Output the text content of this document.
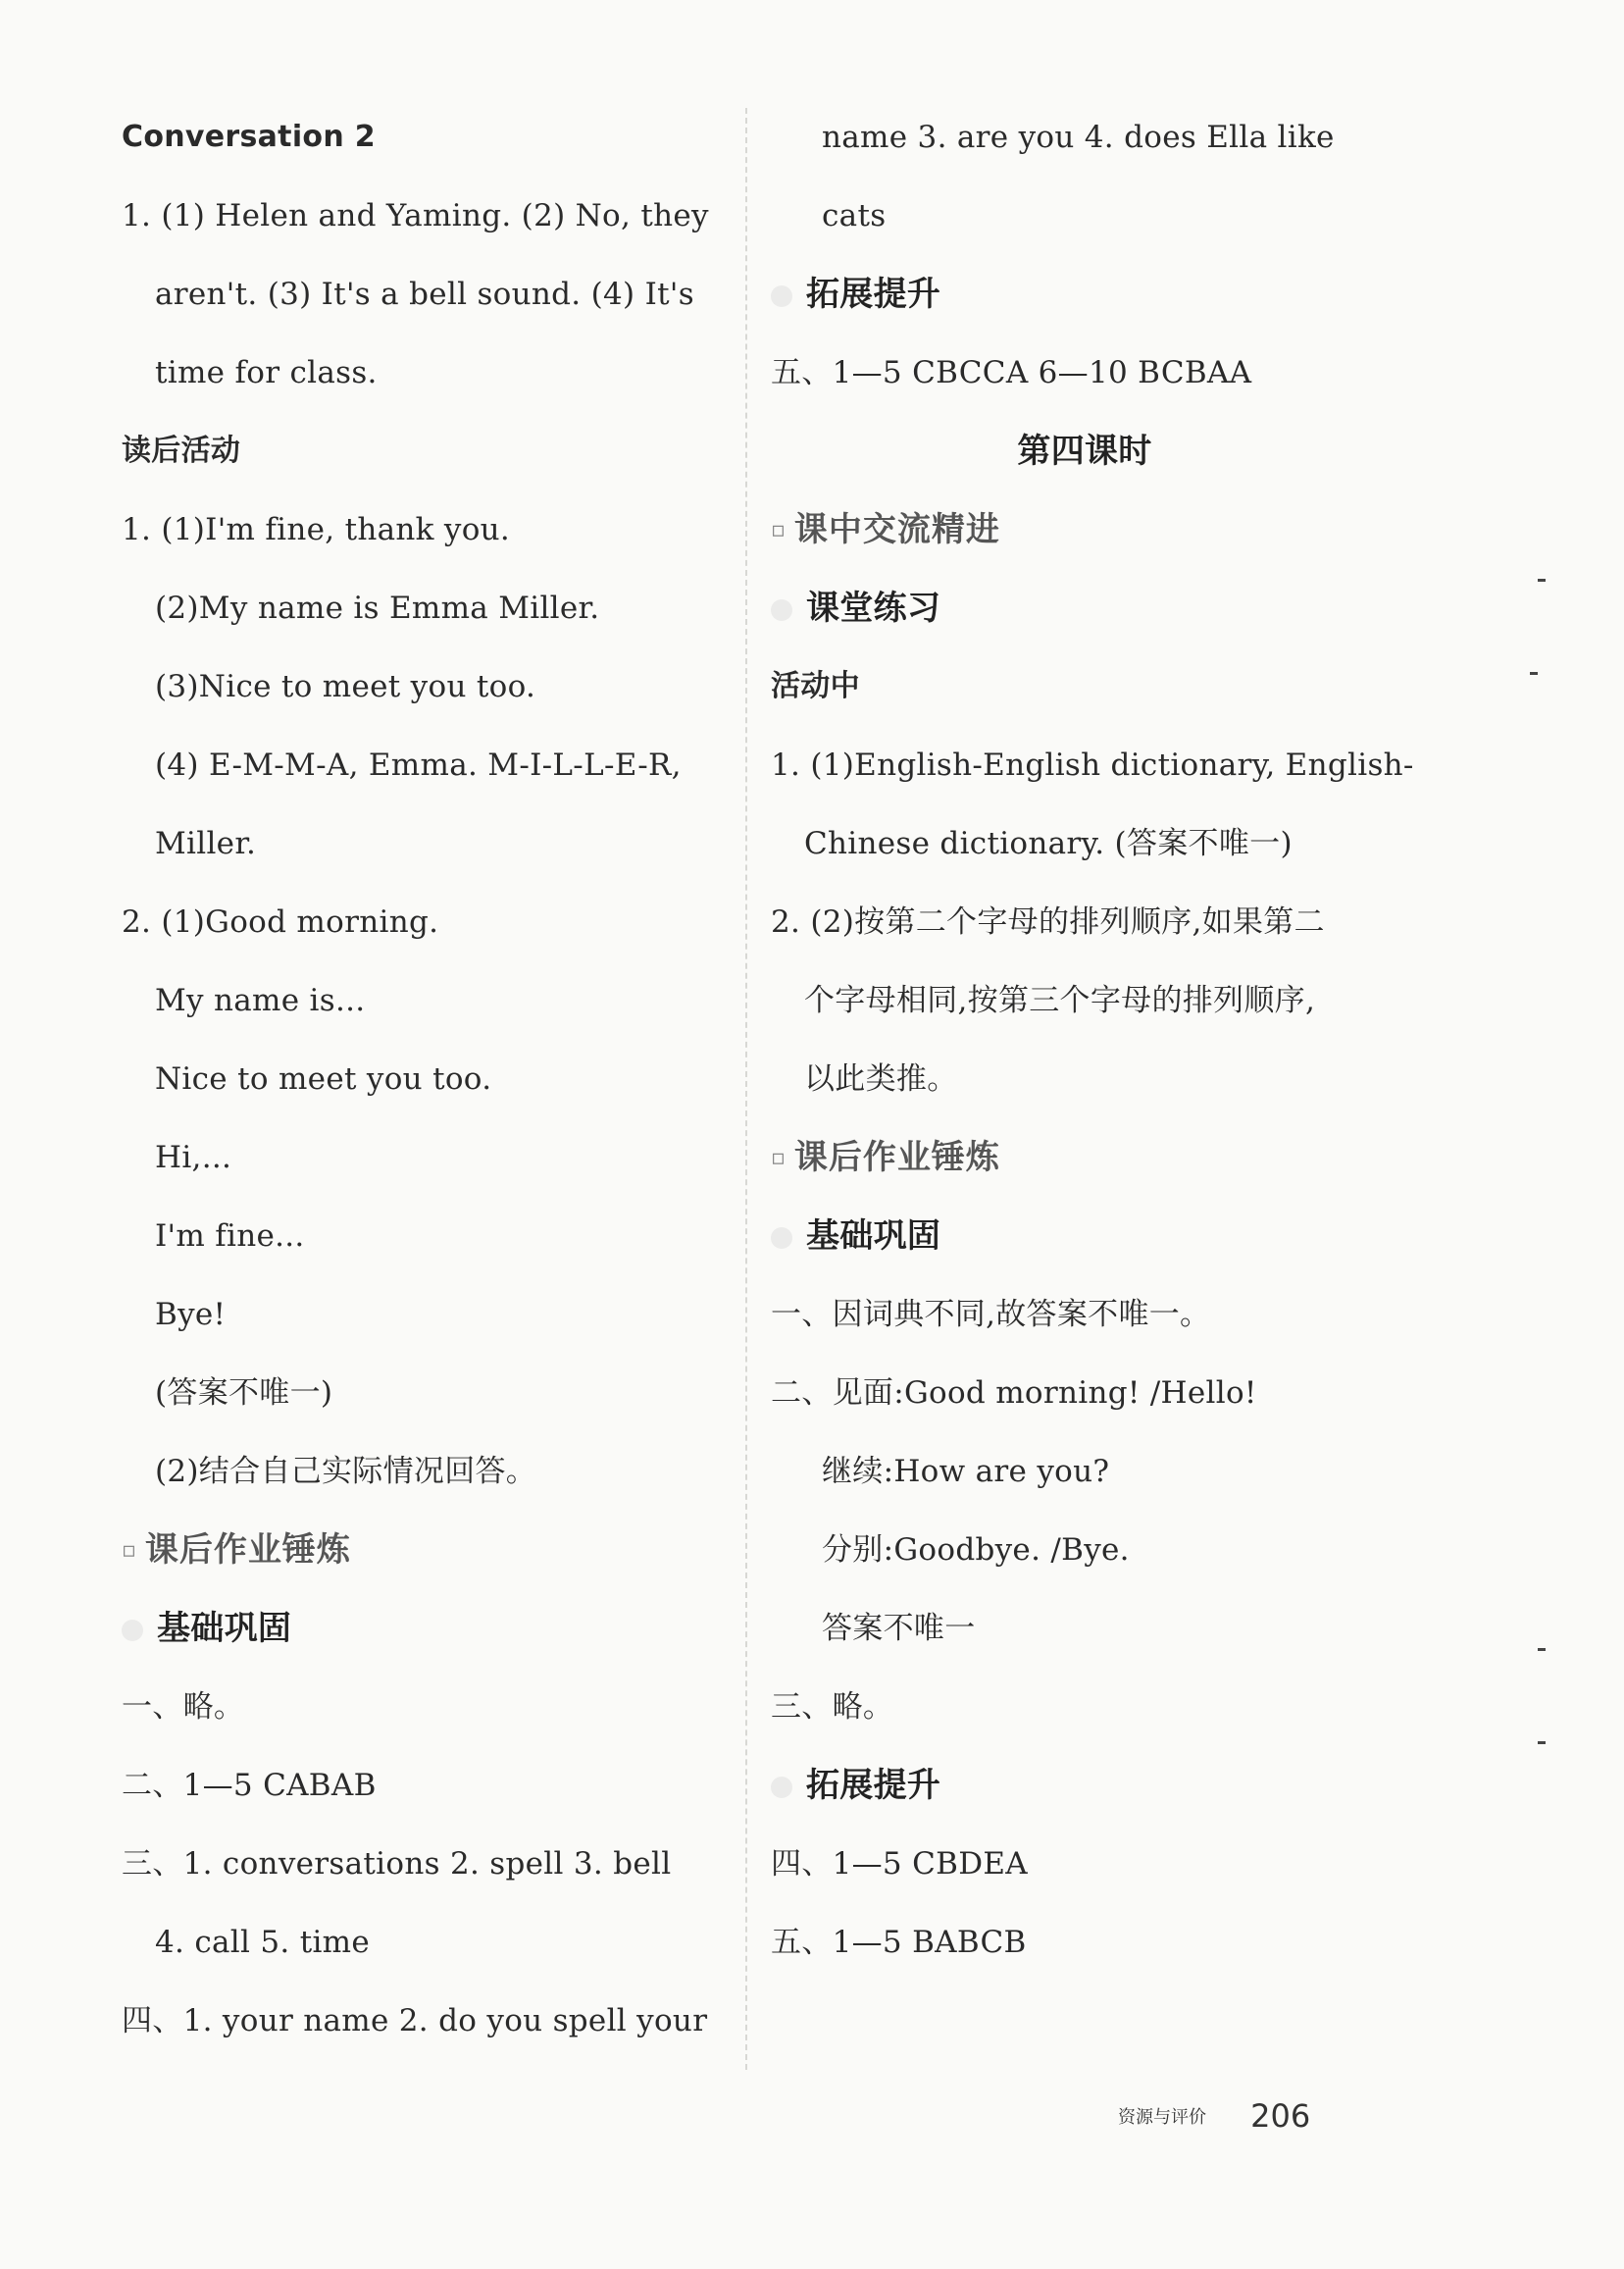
Conversation 2
1. (1) Helen and Yaming. (2) No, they
aren't. (3) It's a bell sound. (4) It's
time for class.
读后活动
1. (1)I'm fine, thank you.
(2)My name is Emma Miller.
(3)Nice to meet you too.
(4) E-M-M-A, Emma. M-I-L-L-E-R,
Miller.
2. (1)Good morning.
My name is...
Nice to meet you too.
Hi,...
I'm fine...
Bye!
(答案不唯一)
(2)结合自己实际情况回答。
▫ 课后作业锤炼
基础巩固
一、略。
二、1—5 CABAB
三、1. conversations 2. spell 3. bell
4. call 5. time
四、1. your name 2. do you spell your
name 3. are you 4. does Ella like
cats
拓展提升
五、1—5 CBCCA 6—10 BCBAA
第四课时
▫ 课中交流精进
课堂练习
活动中
1. (1)English-English dictionary, English-
Chinese dictionary. (答案不唯一)
2. (2)按第二个字母的排列顺序,如果第二
个字母相同,按第三个字母的排列顺序,
以此类推。
▫ 课后作业锤炼
基础巩固
一、因词典不同,故答案不唯一。
二、见面:Good morning! /Hello!
继续:How are you?
分别:Goodbye. /Bye.
答案不唯一
三、略。
拓展提升
四、1—5 CBDEA
五、1—5 BABCB
资源与评价 206
